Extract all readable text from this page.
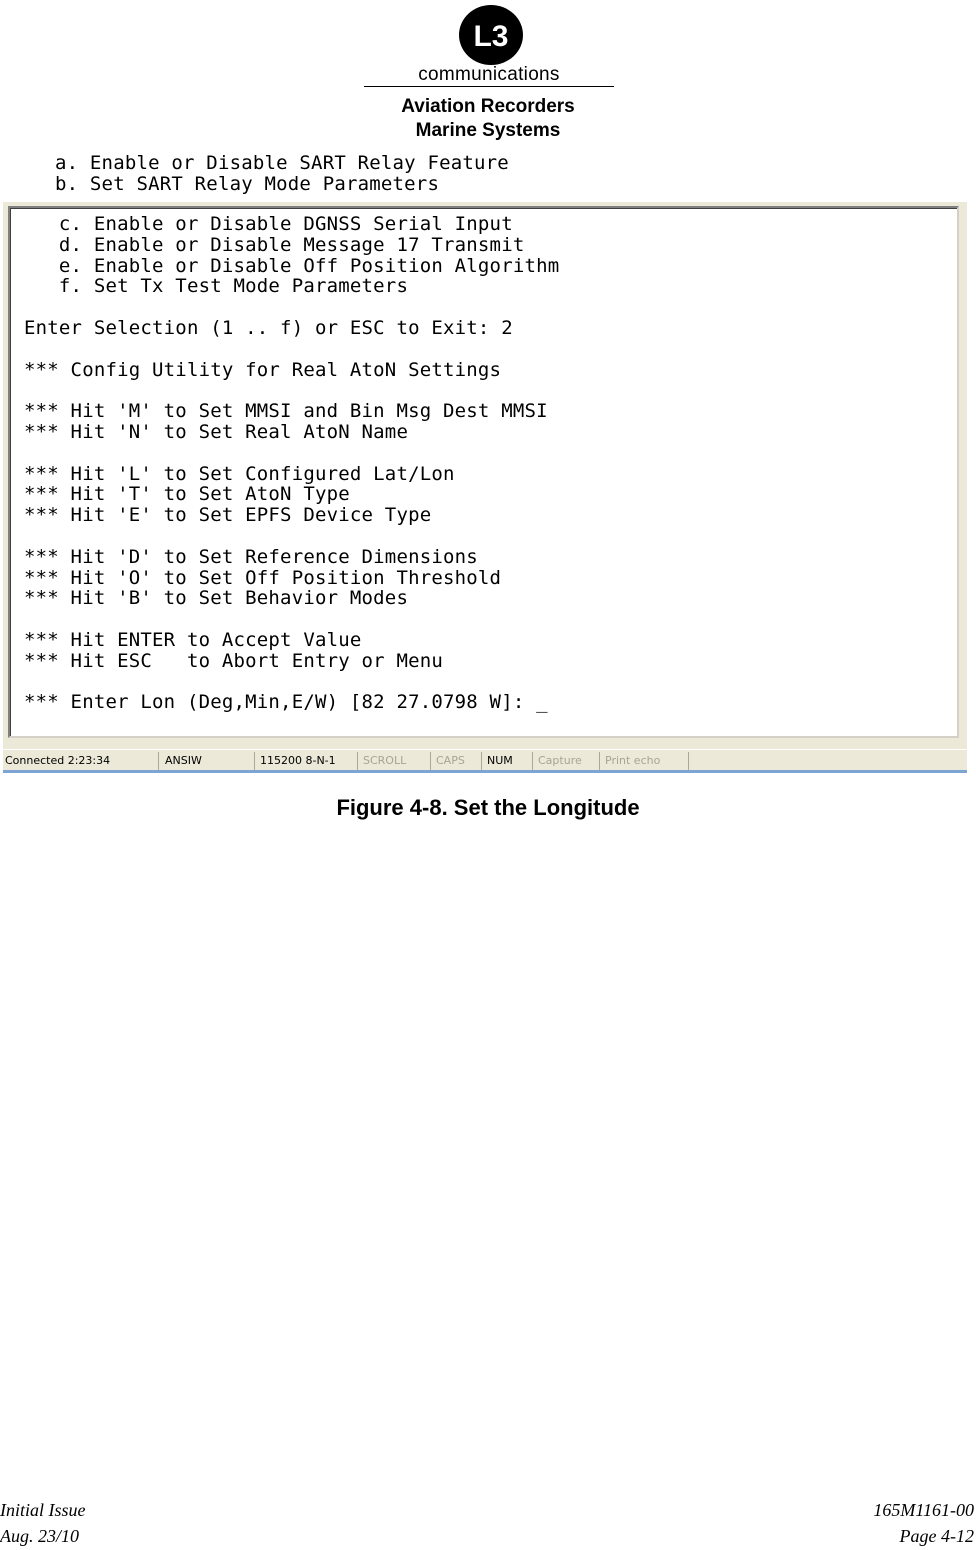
L3
communications
Aviation Recorders
Marine Systems
a. Enable or Disable SART Relay Feature
b. Set SART Relay Mode Parameters
c. Enable or Disable DGNSS Serial Input
d. Enable or Disable Message 17 Transmit
e. Enable or Disable Off Position Algorithm
f. Set Tx Test Mode Parameters
Enter Selection (1 .. f) or ESC to Exit: 2
*** Config Utility for Real AtoN Settings
*** Hit 'M' to Set MMSI and Bin Msg Dest MMSI
*** Hit 'N' to Set Real AtoN Name
*** Hit 'L' to Set Configured Lat/Lon
*** Hit 'T' to Set AtoN Type
*** Hit 'E' to Set EPFS Device Type
*** Hit 'D' to Set Reference Dimensions
*** Hit 'O' to Set Off Position Threshold
*** Hit 'B' to Set Behavior Modes
*** Hit ENTER to Accept Value
*** Hit ESC   to Abort Entry or Menu
*** Enter Lon (Deg,Min,E/W) [82 27.0798 W]: _
Connected 2:23:34	ANSIW	115200 8-N-1	SCROLL	CAPS	NUM	Capture	Print echo
Figure 4-8. Set the Longitude
Initial Issue
Aug. 23/10
165M1161-00
Page 4-12
